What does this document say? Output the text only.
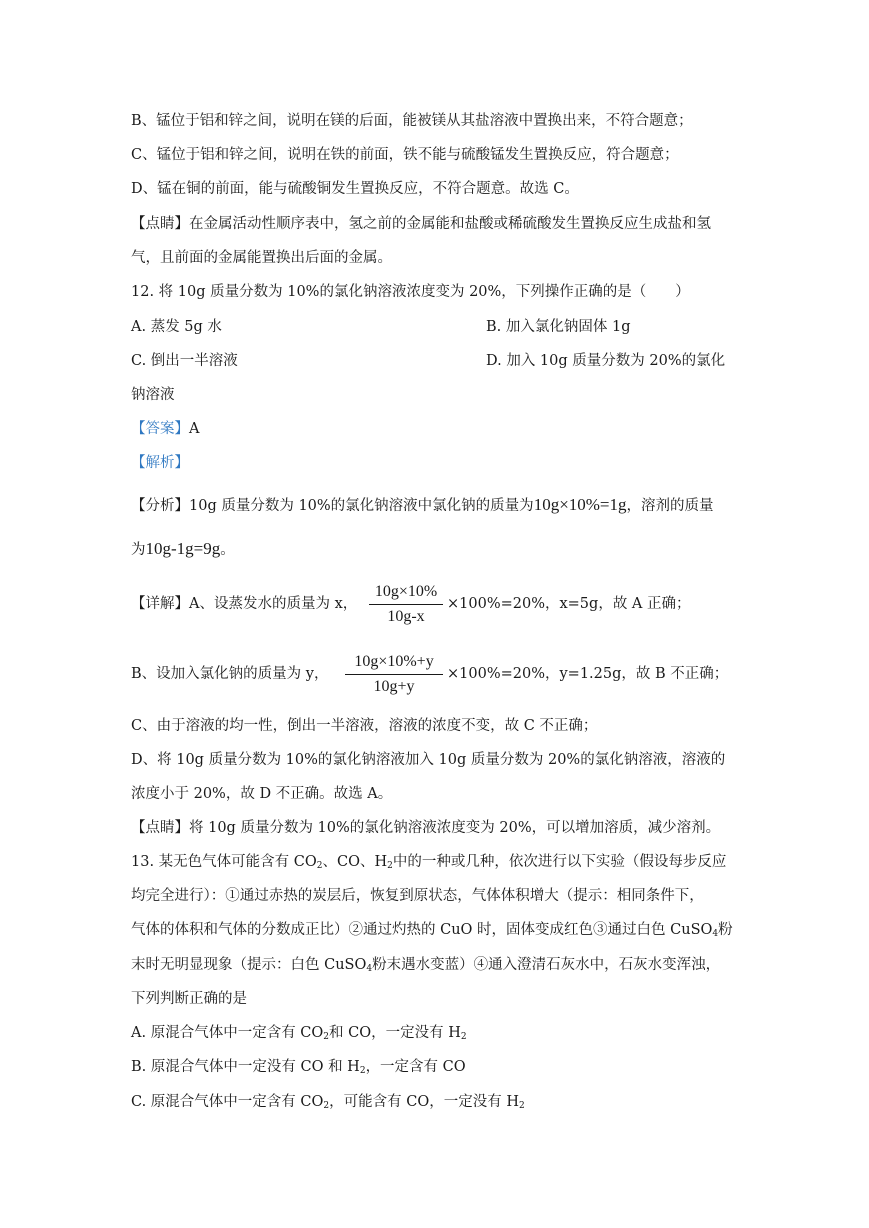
B、锰位于铝和锌之间，说明在镁的后面，能被镁从其盐溶液中置换出来，不符合题意；
C、锰位于铝和锌之间，说明在铁的前面，铁不能与硫酸锰发生置换反应，符合题意；
D、锰在铜的前面，能与硫酸铜发生置换反应，不符合题意。故选 C。
【点睛】在金属活动性顺序表中，氢之前的金属能和盐酸或稀硫酸发生置换反应生成盐和氢
气，且前面的金属能置换出后面的金属。
12. 将 10g 质量分数为 10%的氯化钠溶液浓度变为 20%，下列操作正确的是（　　）
A. 蒸发 5g 水	B. 加入氯化钠固体 1g
C. 倒出一半溶液	D. 加入 10g 质量分数为 20%的氯化
钠溶液
【答案】A
【解析】
【分析】10g 质量分数为 10%的氯化钠溶液中氯化钠的质量为10g×10%=1g，溶剂的质量
为10g-1g=9g。
【详解】A、设蒸发水的质量为 x，
10g×10%
10g-x
×100%=20%，x=5g，故 A 正确；
B、设加入氯化钠的质量为 y，
10g×10%+y
10g+y
×100%=20%，y=1.25g，故 B 不正确；
C、由于溶液的均一性，倒出一半溶液，溶液的浓度不变，故 C 不正确；
D、将 10g 质量分数为 10%的氯化钠溶液加入 10g 质量分数为 20%的氯化钠溶液，溶液的
浓度小于 20%，故 D 不正确。故选 A。
【点睛】将 10g 质量分数为 10%的氯化钠溶液浓度变为 20%，可以增加溶质，减少溶剂。
13. 某无色气体可能含有 $CO_2$、CO、$H_2$中的一种或几种，依次进行以下实验（假设每步反应
均完全进行）：①通过赤热的炭层后，恢复到原状态，气体体积增大（提示：相同条件下，
气体的体积和气体的分数成正比）②通过灼热的 CuO 时，固体变成红色③通过白色 CuSO$_4$粉
末时无明显现象（提示：白色 CuSO$_4$粉末遇水变蓝）④通入澄清石灰水中，石灰水变浑浊，
下列判断正确的是
A. 原混合气体中一定含有 $CO_2$和 CO，一定没有 $H_2$
B. 原混合气体中一定没有 CO 和 $H_2$，一定含有 CO
C. 原混合气体中一定含有 $CO_2$，可能含有 CO，一定没有 $H_2$
